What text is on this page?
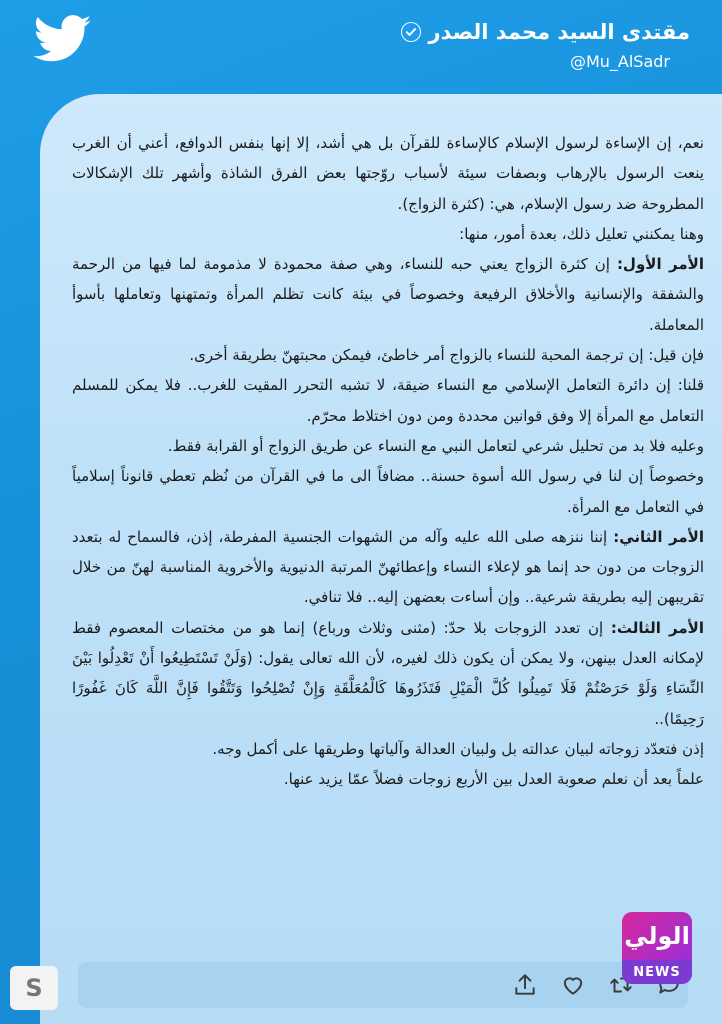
مقتدى السيد محمد الصدر
@Mu_AlSadr

نعم، إن الإساءة لرسول الإسلام كالإساءة للقرآن بل هي أشد، إلا إنها بنفس الدوافع، أعني أن الغرب ينعت الرسول بالإرهاب وبصفات سيئة لأسباب روّجتها بعض الفرق الشاذة وأشهر تلك الإشكالات المطروحة ضد رسول الإسلام، هي: (كثرة الزواج).

وهنا يمكنني تعليل ذلك، بعدة أمور، منها:

الأمر الأول: إن كثرة الزواج يعني حبه للنساء، وهي صفة محمودة لا مذمومة لما فيها من الرحمة والشفقة والإنسانية والأخلاق الرفيعة وخصوصاً في بيئة كانت تظلم المرأة وتمتهنها وتعاملها بأسوأ المعاملة.

فإن قيل: إن ترجمة المحبة للنساء بالزواج أمر خاطئ، فيمكن محبتهنّ بطريقة أخرى.

قلنا: إن دائرة التعامل الإسلامي مع النساء ضيقة، لا تشبه التحرر المقيت للغرب.. فلا يمكن للمسلم التعامل مع المرأة إلا وفق قوانين محددة ومن دون اختلاط محرّم.

وعليه فلا بد من تحليل شرعي لتعامل النبي مع النساء عن طريق الزواج أو القرابة فقط.

وخصوصاً إن لنا في رسول الله أسوة حسنة.. مضافاً الى ما في القرآن من نُظم تعطي قانوناً إسلامياً في التعامل مع المرأة.

الأمر الثاني: إننا ننزهه صلى الله عليه وآله من الشهوات الجنسية المفرطة، إذن، فالسماح له بتعدد الزوجات من دون حد إنما هو لإعلاء النساء وإعطائهنّ المرتبة الدنيوية والأخروية المناسبة لهنّ من خلال تقريبهن إليه بطريقة شرعية.. وإن أساءت بعضهن إليه.. فلا تنافي.

الأمر الثالث: إن تعدد الزوجات بلا حدّ: (مثنى وثلاث ورباع) إنما هو من مختصات المعصوم فقط لإمكانه العدل بينهن، ولا يمكن أن يكون ذلك لغيره، لأن الله تعالى يقول: (وَلَنْ تَسْتَطِيعُوا أَنْ تَعْدِلُوا بَيْنَ النِّسَاءِ وَلَوْ حَرَصْتُمْ فَلَا تَمِيلُوا كُلَّ الْمَيْلِ فَتَذَرُوهَا كَالْمُعَلَّقَةِ وَإِنْ تُصْلِحُوا وَتَتَّقُوا فَإِنَّ اللَّهَ كَانَ غَفُورًا رَحِيمًا)..

إذن فتعدّد زوجاته لبيان عدالته بل ولبيان العدالة وآلياتها وطريقها على أكمل وجه.

علماً بعد أن نعلم صعوبة العدل بين الأربع زوجات فضلاً عمّا يزيد عنها.

S
الولي
NEWS
